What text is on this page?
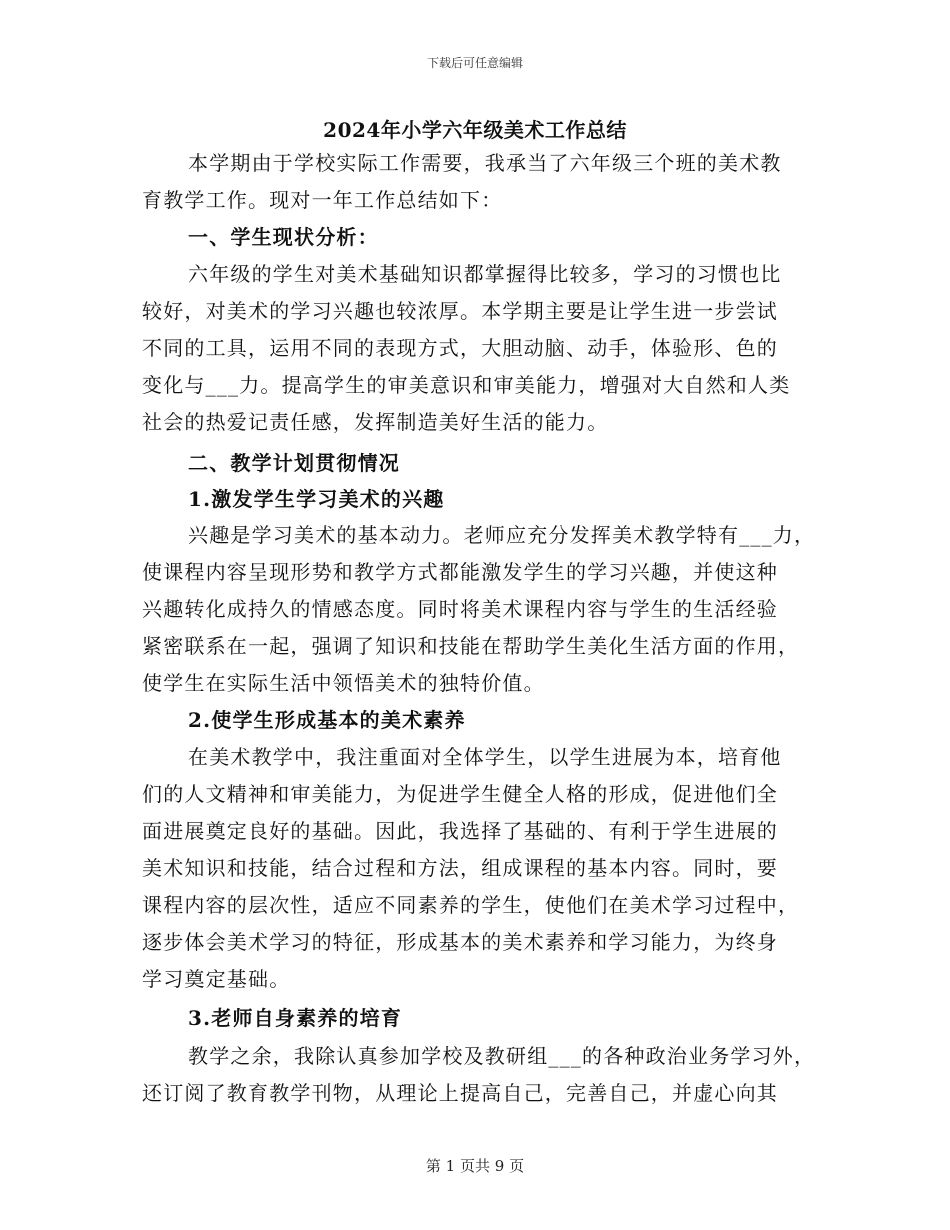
下载后可任意编辑
2024年小学六年级美术工作总结
本学期由于学校实际工作需要，我承当了六年级三个班的美术教
育教学工作。现对一年工作总结如下：
一、学生现状分析：
六年级的学生对美术基础知识都掌握得比较多，学习的习惯也比
较好，对美术的学习兴趣也较浓厚。本学期主要是让学生进一步尝试
不同的工具，运用不同的表现方式，大胆动脑、动手，体验形、色的
变化与___力。提高学生的审美意识和审美能力，增强对大自然和人类
社会的热爱记责任感，发挥制造美好生活的能力。
二、教学计划贯彻情况
1.激发学生学习美术的兴趣
兴趣是学习美术的基本动力。老师应充分发挥美术教学特有___力，
使课程内容呈现形势和教学方式都能激发学生的学习兴趣，并使这种
兴趣转化成持久的情感态度。同时将美术课程内容与学生的生活经验
紧密联系在一起，强调了知识和技能在帮助学生美化生活方面的作用，
使学生在实际生活中领悟美术的独特价值。
2.使学生形成基本的美术素养
在美术教学中，我注重面对全体学生，以学生进展为本，培育他
们的人文精神和审美能力，为促进学生健全人格的形成，促进他们全
面进展奠定良好的基础。因此，我选择了基础的、有利于学生进展的
美术知识和技能，结合过程和方法，组成课程的基本内容。同时，要
课程内容的层次性，适应不同素养的学生，使他们在美术学习过程中，
逐步体会美术学习的特征，形成基本的美术素养和学习能力，为终身
学习奠定基础。
3.老师自身素养的培育
教学之余，我除认真参加学校及教研组___的各种政治业务学习外，
还订阅了教育教学刊物，从理论上提高自己，完善自己，并虚心向其
第 1 页共 9 页
